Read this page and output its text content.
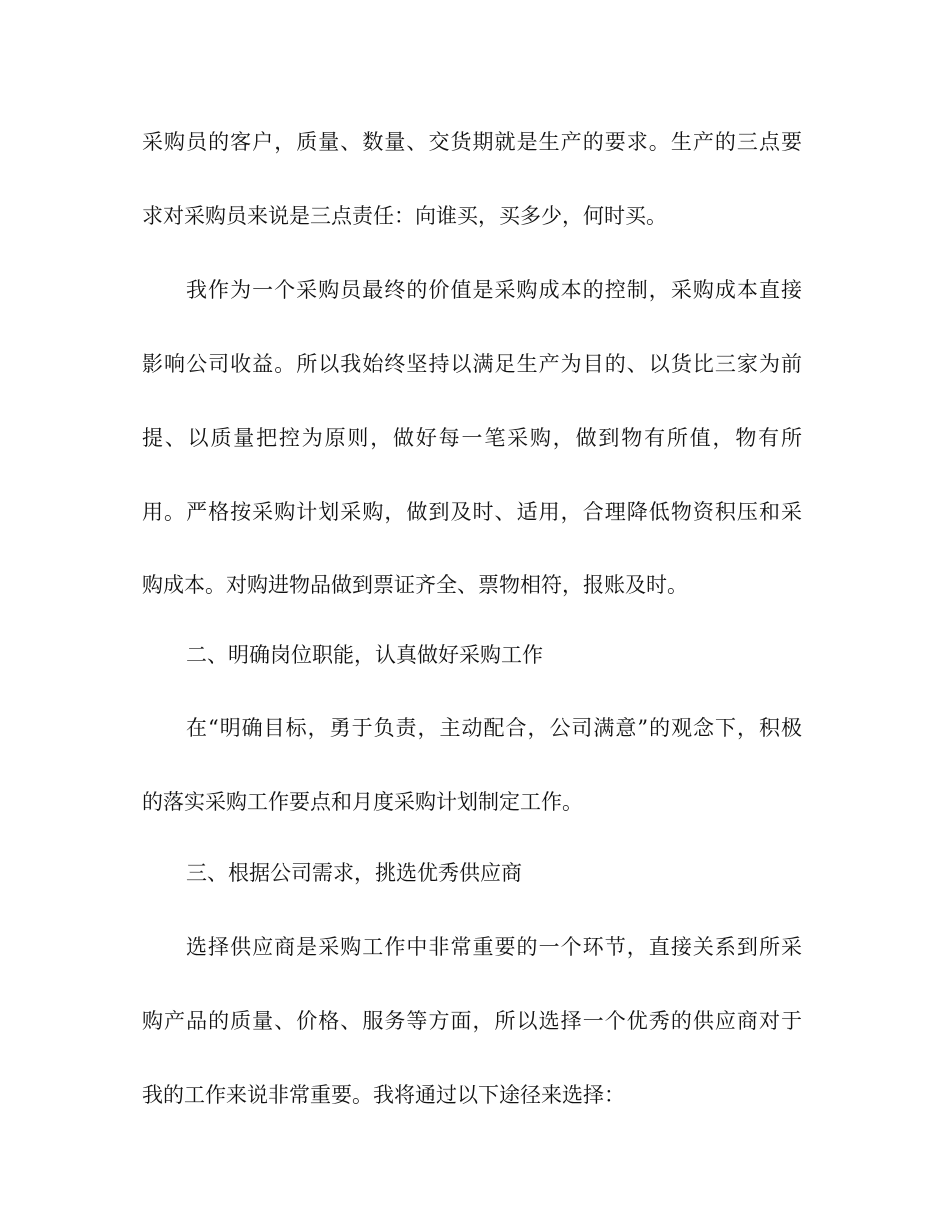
采购员的客户，质量、数量、交货期就是生产的要求。生产的三点要
求对采购员来说是三点责任：向谁买，买多少，何时买。
我作为一个采购员最终的价值是采购成本的控制，采购成本直接
影响公司收益。所以我始终坚持以满足生产为目的、以货比三家为前
提、以质量把控为原则，做好每一笔采购，做到物有所值，物有所
用。严格按采购计划采购，做到及时、适用，合理降低物资积压和采
购成本。对购进物品做到票证齐全、票物相符，报账及时。
二、明确岗位职能，认真做好采购工作
在“明确目标，勇于负责，主动配合，公司满意”的观念下，积极
的落实采购工作要点和月度采购计划制定工作。
三、根据公司需求，挑选优秀供应商
选择供应商是采购工作中非常重要的一个环节，直接关系到所采
购产品的质量、价格、服务等方面，所以选择一个优秀的供应商对于
我的工作来说非常重要。我将通过以下途径来选择：
